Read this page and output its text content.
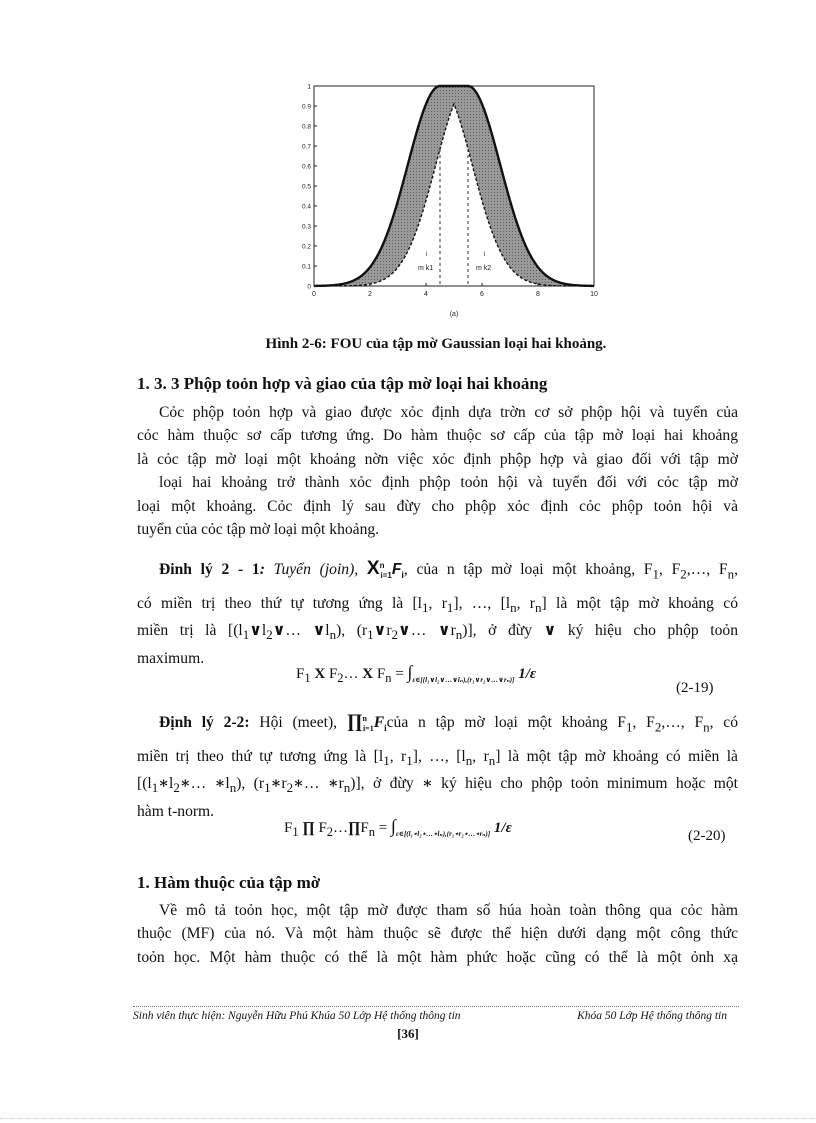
m k1
l
m k2
l
0	2	4	6	8	10
0
0.1
0.2
0.3
0.4
0.5
0.6
0.7
0.8
0.9
1
(a)
Hình 2-6: FOU của tập mờ Gaussian loại hai khoảng.
1. 3. 3 Phộp toỏn hợp và giao của tập mờ loại hai khoảng
Cỏc phộp toỏn hợp và giao được xỏc định dựa trờn cơ sở phộp hội và tuyển của
cỏc hàm thuộc sơ cấp tương ứng. Do hàm thuộc sơ cấp của tập mờ loại hai khoảng
là cỏc tập mờ loại một khoảng nờn việc xỏc định phộp hợp và giao đối với tập mờ
loại hai khoảng trở thành xỏc định phộp toỏn hội và tuyển đối với cỏc tập mờ
loại một khoảng. Cỏc định lý sau đừy cho phộp xỏc định cỏc phộp toỏn hội và
tuyển của cỏc tập mờ loại một khoảng.
Đinh lý 2 - 1: Tuyển (join), $X^n_{i=1}F_i$, của n tập mờ loại một khoảng, $F_1$, $F_2,\dots$, $F_n$,
có miền trị theo thứ tự tương ứng là [$l_1$, $r_1$], …, [$l_n$, $r_n$] là một tập mờ khoảng có
miền trị là [($l_1\vee l_2\vee\dots$ $\vee l_n$), ($r_1\vee r_2\vee\dots$ $\vee r_n$)], ở đừy ∨ ký hiệu cho phộp toỏn
maximum.
$F_1$ X $F_2\dots$ X $F_n = \int_{\varepsilon\in[(l_1\vee l_2\vee\dots\vee l_n),(r_1\vee r_2\vee\dots\vee r_n)]}$ 1/ε
(2-19)
Định lý 2-2: Hội (meet), $\prod^n_{i=1}F_icủa$ n tập mờ loại một khoảng $F_1$, $F_2,\dots$, $F_n$, có
miền trị theo thứ tự tương ứng là [$l_1$, $r_1$], …, [$l_n$, $r_n$] là một tập mờ khoảng có miền là
[($l_1∗l_2∗\dots$ $∗l_n$), ($r_1∗r_2∗\dots$ $∗r_n$)], ở đừy ∗ ký hiệu cho phộp toỏn minimum hoặc một
hàm t-norm.
$F_1$ ∏ $F_2\dots\prod F_n = \int_{\varepsilon\in[(l_1⋆l_2⋆\dots⋆l_n),(r_1⋆r_2⋆\dots⋆r_n)]}$ 1/ε	(2-20)
1. Hàm thuộc của tập mờ
Về mô tả toỏn học, một tập mờ được tham số húa hoàn toàn thông qua cỏc hàm
thuộc (MF) của nó. Và một hàm thuộc sẽ được thể hiện dưới dạng một công thức
toỏn học. Một hàm thuộc có thể là một hàm phức hoặc cũng có thể là một ỏnh xạ
Sinh viên thực hiện: Nguyễn Hữu Phú Khúa 50 Lớp Hệ thống thông tin	Khóa 50 Lớp Hệ thống thông tin
[36]
